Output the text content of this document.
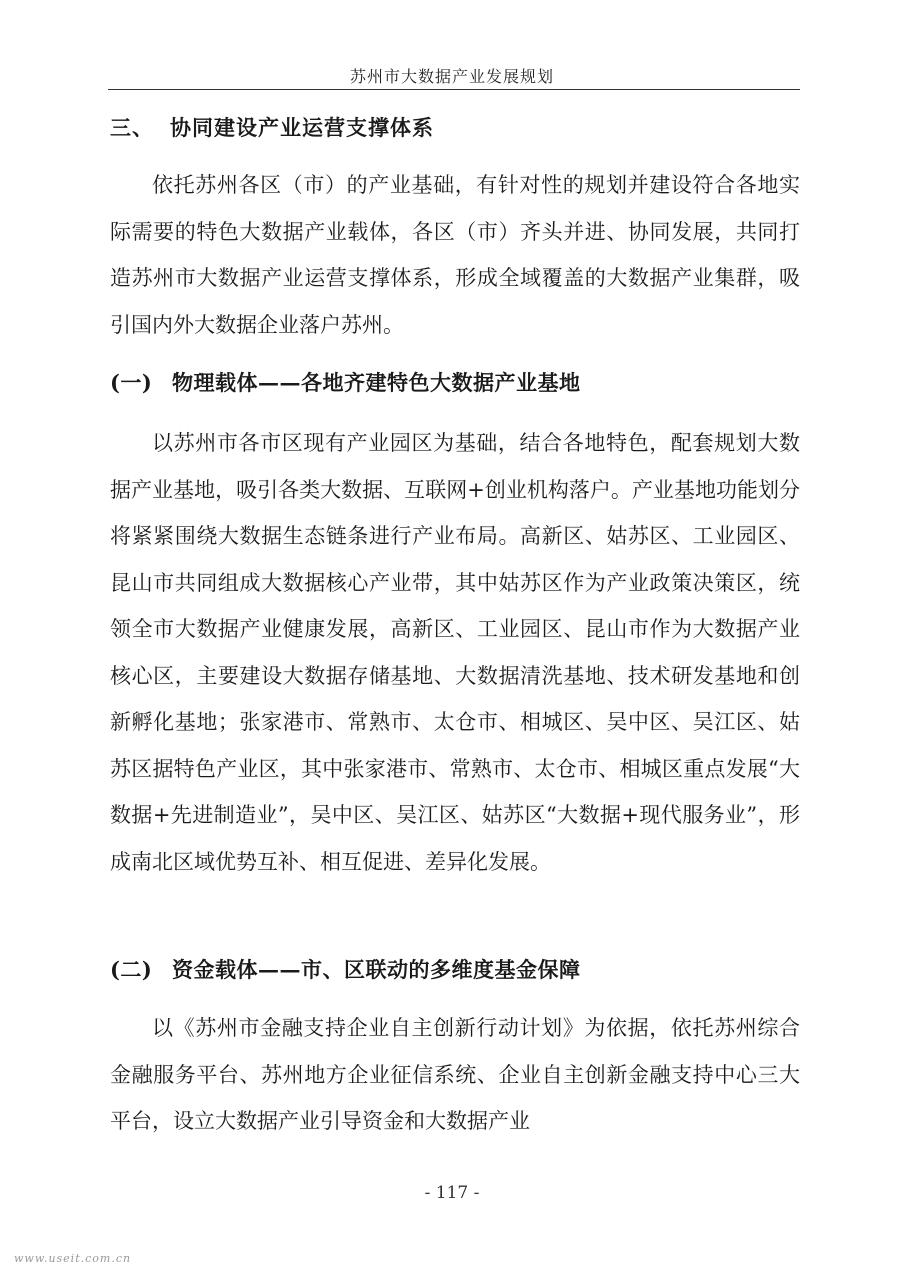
苏州市大数据产业发展规划
三、 协同建设产业运营支撑体系

依托苏州各区（市）的产业基础，有针对性的规划并建设符合各地实际需要的特色大数据产业载体，各区（市）齐头并进、协同发展，共同打造苏州市大数据产业运营支撑体系，形成全域覆盖的大数据产业集群，吸引国内外大数据企业落户苏州。

(一) 物理载体——各地齐建特色大数据产业基地

以苏州市各市区现有产业园区为基础，结合各地特色，配套规划大数据产业基地，吸引各类大数据、互联网+创业机构落户。产业基地功能划分将紧紧围绕大数据生态链条进行产业布局。高新区、姑苏区、工业园区、昆山市共同组成大数据核心产业带，其中姑苏区作为产业政策决策区，统领全市大数据产业健康发展，高新区、工业园区、昆山市作为大数据产业核心区，主要建设大数据存储基地、大数据清洗基地、技术研发基地和创新孵化基地；张家港市、常熟市、太仓市、相城区、吴中区、吴江区、姑苏区据特色产业区，其中张家港市、常熟市、太仓市、相城区重点发展“大数据+先进制造业”，吴中区、吴江区、姑苏区“大数据+现代服务业”，形成南北区域优势互补、相互促进、差异化发展。

(二) 资金载体——市、区联动的多维度基金保障

以《苏州市金融支持企业自主创新行动计划》为依据，依托苏州综合金融服务平台、苏州地方企业征信系统、企业自主创新金融支持中心三大平台，设立大数据产业引导资金和大数据产业

- 117 -
www.useit.com.cn
